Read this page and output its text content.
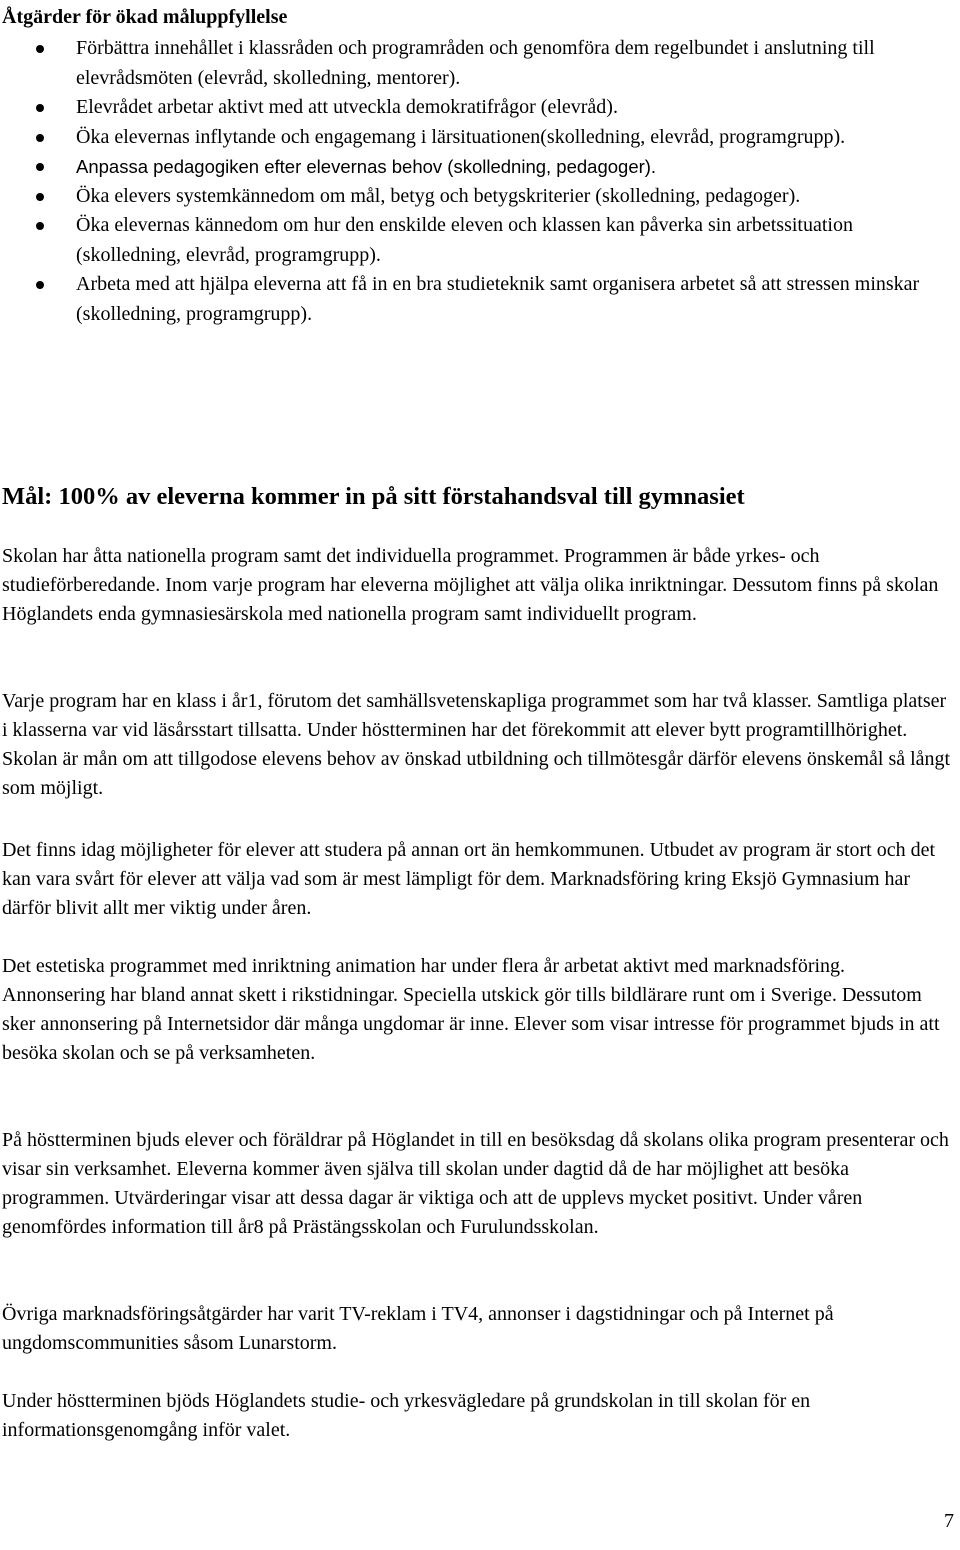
Åtgärder för ökad måluppfyllelse
Förbättra innehållet i klassråden och programråden och genomföra dem regelbundet i anslutning till elevrådsmöten (elevråd, skolledning, mentorer).
Elevrådet arbetar aktivt med att utveckla demokratifrågor (elevråd).
Öka elevernas inflytande och engagemang i lärsituationen(skolledning, elevråd, programgrupp).
Anpassa pedagogiken efter elevernas behov (skolledning, pedagoger).
Öka elevers systemkännedom om mål, betyg och betygskriterier (skolledning, pedagoger).
Öka elevernas kännedom om hur den enskilde eleven och klassen kan påverka sin arbetssituation (skolledning, elevråd, programgrupp).
Arbeta med att hjälpa eleverna att få in en bra studieteknik samt organisera arbetet så att stressen minskar (skolledning, programgrupp).
Mål: 100% av eleverna kommer in på sitt förstahandsval till gymnasiet

Skolan har åtta nationella program samt det individuella programmet. Programmen är både yrkes- och studieförberedande. Inom varje program har eleverna möjlighet att välja olika inriktningar. Dessutom finns på skolan Höglandets enda gymnasiesärskola med nationella program samt individuellt program.

Varje program har en klass i år1, förutom det samhällsvetenskapliga programmet som har två klasser. Samtliga platser i klasserna var vid läsårsstart tillsatta. Under höstterminen har det förekommit att elever bytt programtillhörighet. Skolan är mån om att tillgodose elevens behov av önskad utbildning och tillmötesgår därför elevens önskemål så långt som möjligt.

Det finns idag möjligheter för elever att studera på annan ort än hemkommunen. Utbudet av program är stort och det kan vara svårt för elever att välja vad som är mest lämpligt för dem. Marknadsföring kring Eksjö Gymnasium har därför blivit allt mer viktig under åren.

Det estetiska programmet med inriktning animation har under flera år arbetat aktivt med marknadsföring. Annonsering har bland annat skett i rikstidningar. Speciella utskick gör tills bildlärare runt om i Sverige. Dessutom sker annonsering på Internetsidor där många ungdomar är inne. Elever som visar intresse för programmet bjuds in att besöka skolan och se på verksamheten.

På höstterminen bjuds elever och föräldrar på Höglandet in till en besöksdag då skolans olika program presenterar och visar sin verksamhet. Eleverna kommer även själva till skolan under dagtid då de har möjlighet att besöka programmen. Utvärderingar visar att dessa dagar är viktiga och att de upplevs mycket positivt. Under våren genomfördes information till år8 på Prästängsskolan och Furulundsskolan.

Övriga marknadsföringsåtgärder har varit TV-reklam i TV4, annonser i dagstidningar och på Internet på ungdomscommunities såsom Lunarstorm.

Under höstterminen bjöds Höglandets studie- och yrkesvägledare på grundskolan in till skolan för en informationsgenomgång inför valet.

7
